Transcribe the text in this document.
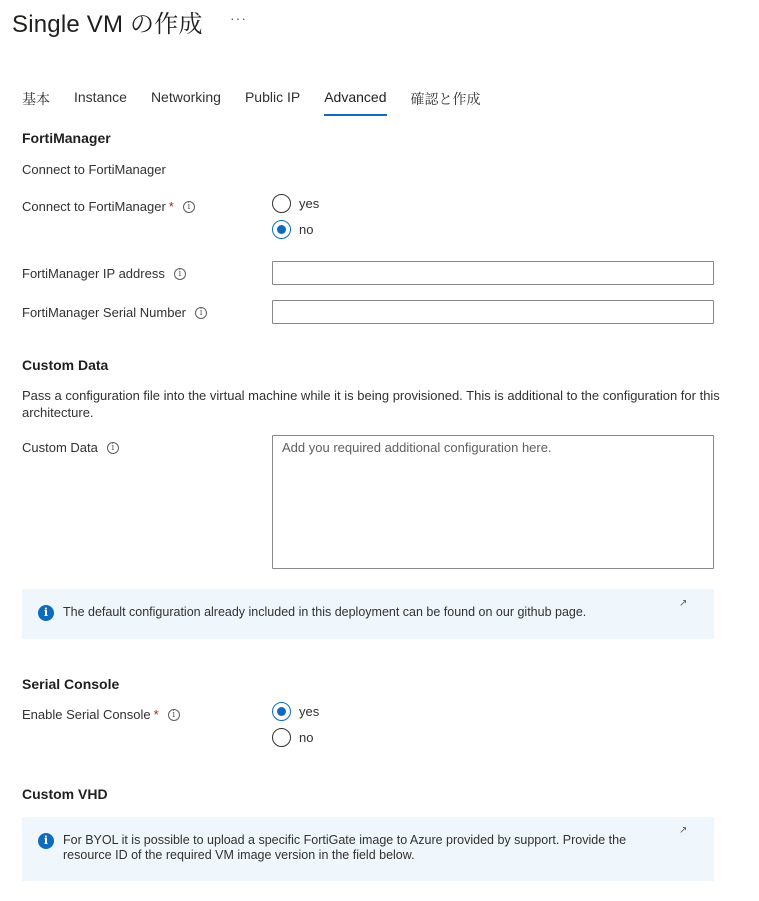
Single VM の作成 ···
基本 Instance Networking Public IP Advanced 確認と作成
FortiManager
Connect to FortiManager
Connect to FortiManager *	i	yes
no
FortiManager IP address	i
FortiManager Serial Number	i
Custom Data
Pass a configuration file into the virtual machine while it is being provisioned. This is additional to the configuration for this architecture.
Custom Data	i	Add you required additional configuration here.
i	The default configuration already included in this deployment can be found on our github page.
↗
Serial Console
Enable Serial Console *	i	yes
no
Custom VHD
i	For BYOL it is possible to upload a specific FortiGate image to Azure provided by support. Provide the resource ID of the required VM image version in the field below.
↗
